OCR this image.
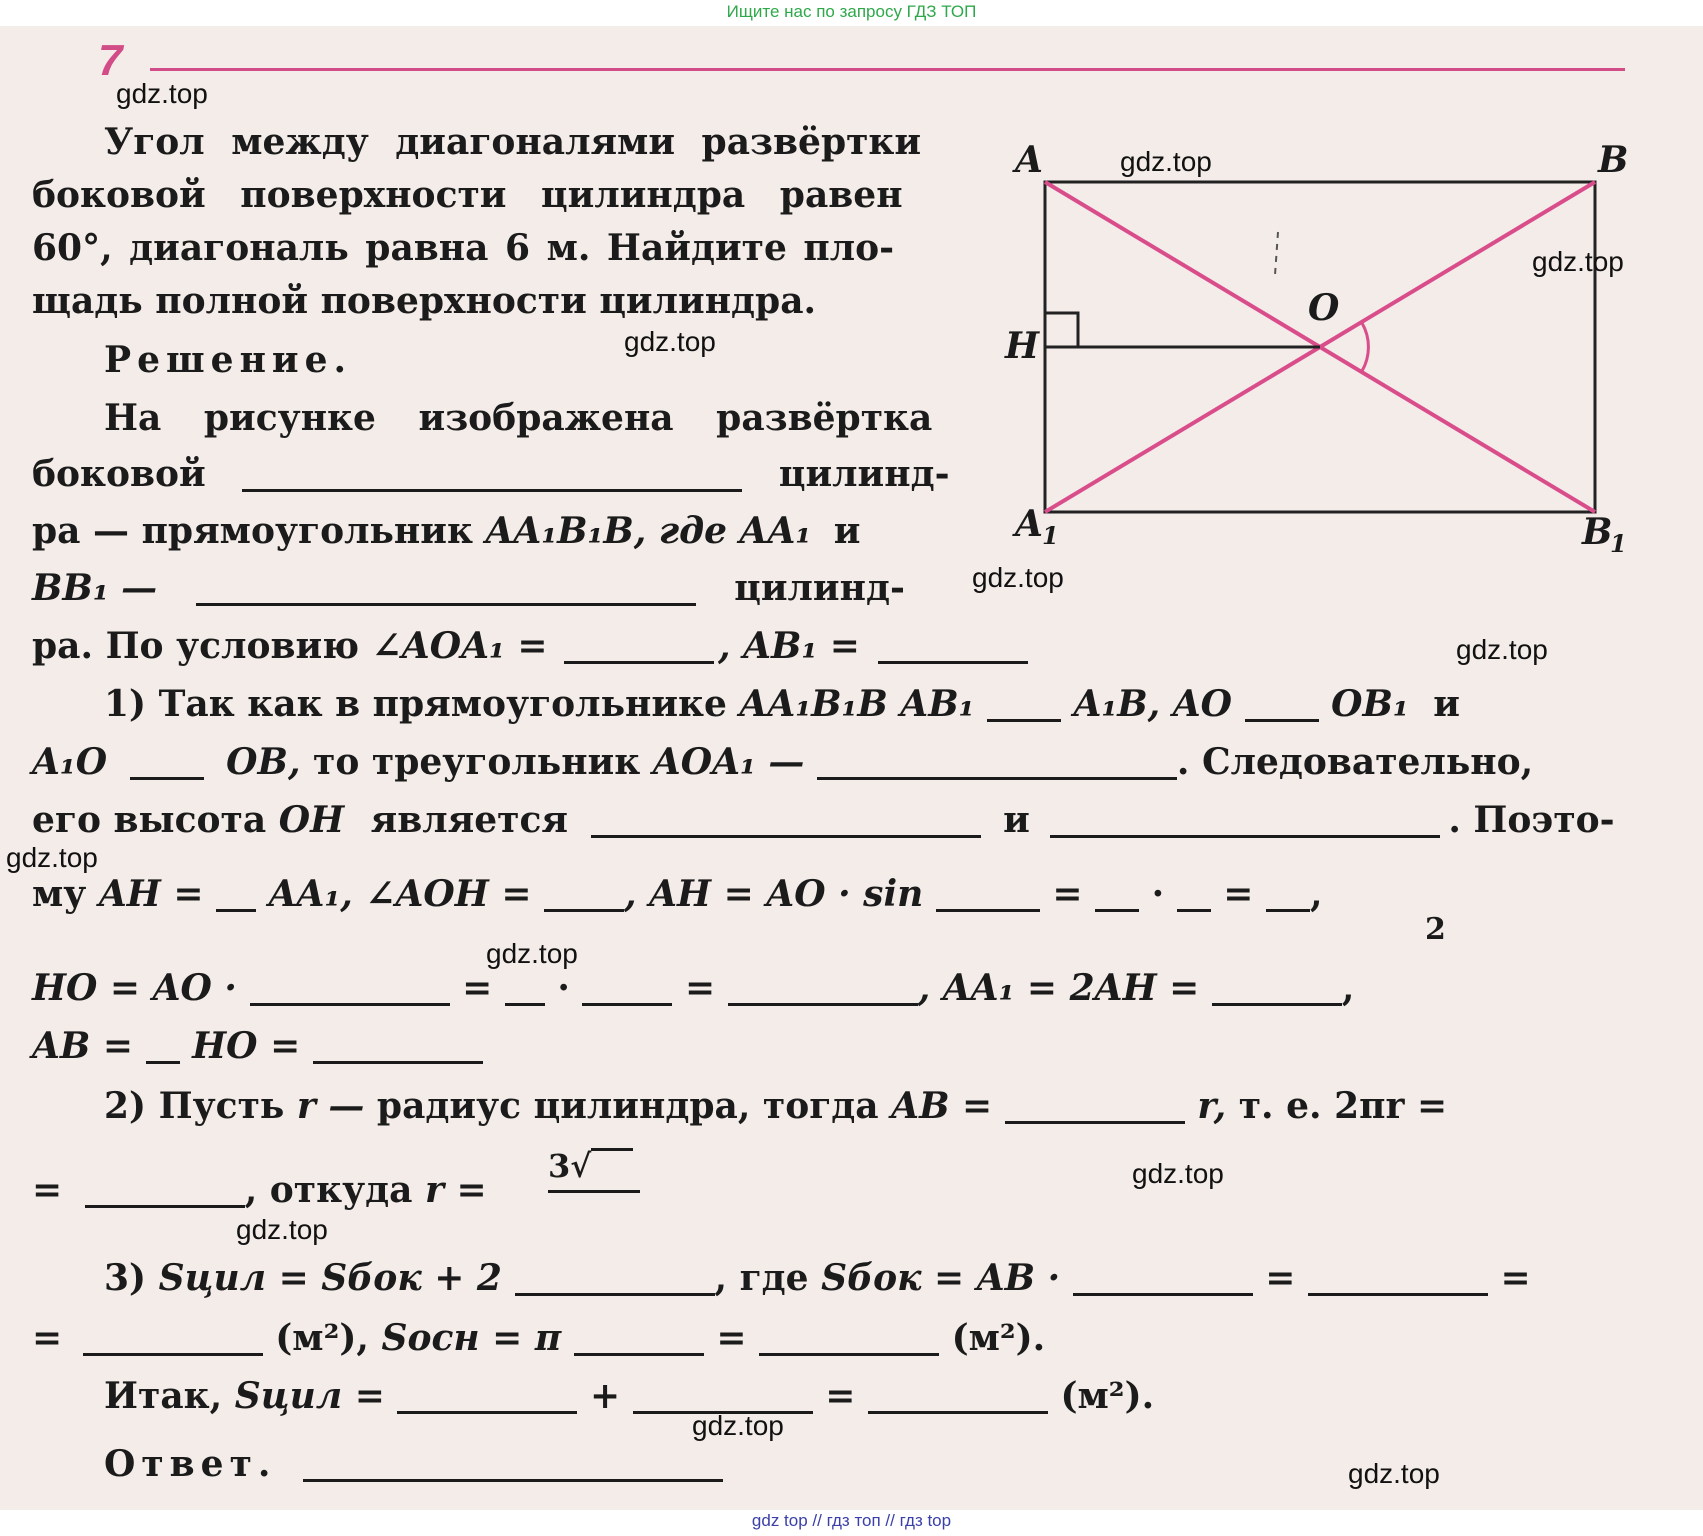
Ищите нас по запросу ГДЗ ТОП
7
Угол между диагоналями развёртки
боковой поверхности цилиндра равен
60°, диагональ равна 6 м. Найдите пло-
щадь полной поверхности цилиндра.
Решение.
На рисунке изображена развёртка
боковой	цилинд-
ра — прямоугольник AA₁B₁B, где AA₁ и
BB₁ —	цилинд-
ра. По условию ∠AOA₁ =	, AB₁ =
1) Так как в прямоугольнике AA₁B₁B AB₁	A₁B, AO	OB₁ и
A₁O	OB, то треугольник AOA₁ —	. Следовательно,
его высота OH является	и	. Поэто-
му AH = AA₁, ∠AOH =	, AH = AO · sin	= · = ,
2
HO = AO ·	= ·	=	, AA₁ = 2AH =	,
AB = HO =
2) Пусть r — радиус цилиндра, тогда AB =	r, т. е. 2πr =
=	, откуда r =
3√
3) Sцил = Sбок + 2	, где Sбок = AB ·	=	=
=	(м²), Sосн = π	=	(м²).
Итак, Sцил =	+	=	(м²).
Ответ.
A	B
A 1	B
1
O
H
gdz.top
gdz.top
gdz.top
gdz.top
gdz.top
gdz.top
gdz.top
gdz.top
gdz.top
gdz.top
gdz.top
gdz.top
gdz top // гдз топ // гдз top
